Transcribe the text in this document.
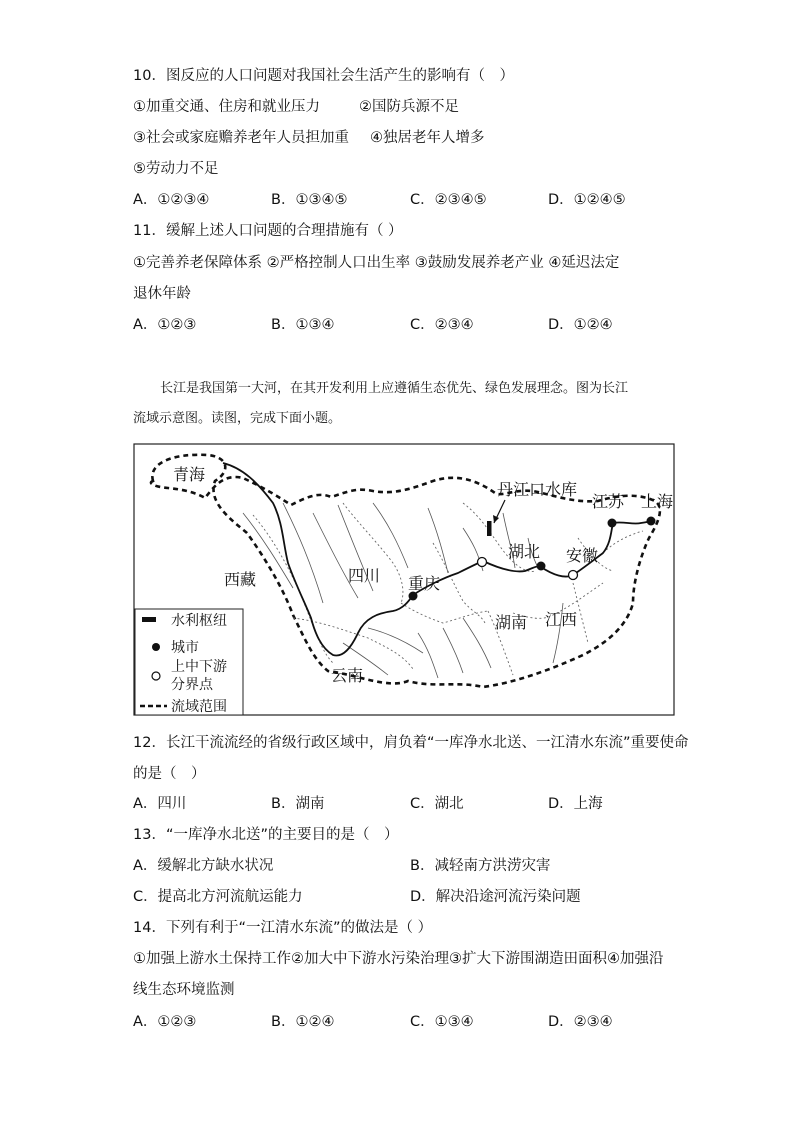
10．图反应的人口问题对我国社会生活产生的影响有（　）
①加重交通、住房和就业压力	②国防兵源不足
③社会或家庭赡养老年人员担加重 ④独居老年人增多
⑤劳动力不足
A．①②③④	B．①③④⑤	C．②③④⑤	D．①②④⑤
11．缓解上述人口问题的合理措施有（ ）
①完善养老保障体系 ②严格控制人口出生率 ③鼓励发展养老产业 ④延迟法定
退休年龄
A．①②③	B．①③④	C．②③④	D．①②④
长江是我国第一大河，在其开发利用上应遵循生态优先、绿色发展理念。图为长江
流域示意图。读图，完成下面小题。
青海
西藏	四川 重庆
云南
湖北
湖南 江西
安徽
江苏 上海
丹江口水库
水利枢纽
城市
上中下游
分界点
流域范围
12．长江干流流经的省级行政区域中，肩负着“一库净水北送、一江清水东流”重要使命
的是（　）
A．四川	B．湖南	C．湖北	D．上海
13．“一库净水北送”的主要目的是（　）
A．缓解北方缺水状况	B．减轻南方洪涝灾害
C．提高北方河流航运能力	D．解决沿途河流污染问题
14．下列有利于“一江清水东流”的做法是（ ）
①加强上游水土保持工作②加大中下游水污染治理③扩大下游围湖造田面积④加强沿
线生态环境监测
A．①②③	B．①②④	C．①③④	D．②③④
